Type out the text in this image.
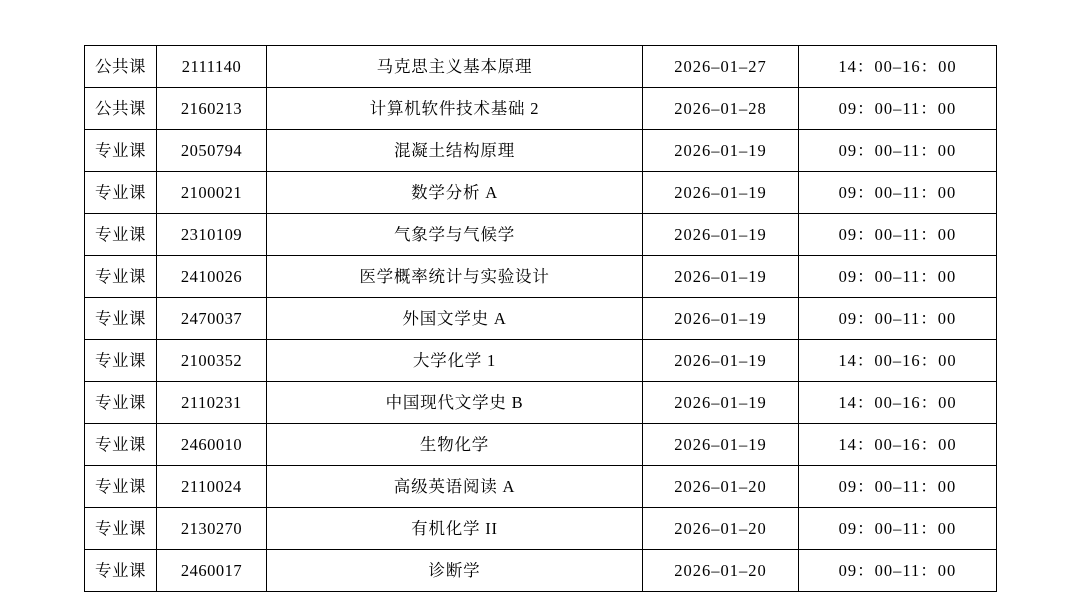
公共课	2111140	马克思主义基本原理	2026–01–27	14：00–16：00
公共课	2160213	计算机软件技术基础 2	2026–01–28	09：00–11：00
专业课	2050794	混凝土结构原理	2026–01–19	09：00–11：00
专业课	2100021	数学分析 A	2026–01–19	09：00–11：00
专业课	2310109	气象学与气候学	2026–01–19	09：00–11：00
专业课	2410026	医学概率统计与实验设计	2026–01–19	09：00–11：00
专业课	2470037	外国文学史 A	2026–01–19	09：00–11：00
专业课	2100352	大学化学 1	2026–01–19	14：00–16：00
专业课	2110231	中国现代文学史 B	2026–01–19	14：00–16：00
专业课	2460010	生物化学	2026–01–19	14：00–16：00
专业课	2110024	高级英语阅读 A	2026–01–20	09：00–11：00
专业课	2130270	有机化学 II	2026–01–20	09：00–11：00
专业课	2460017	诊断学	2026–01–20	09：00–11：00
